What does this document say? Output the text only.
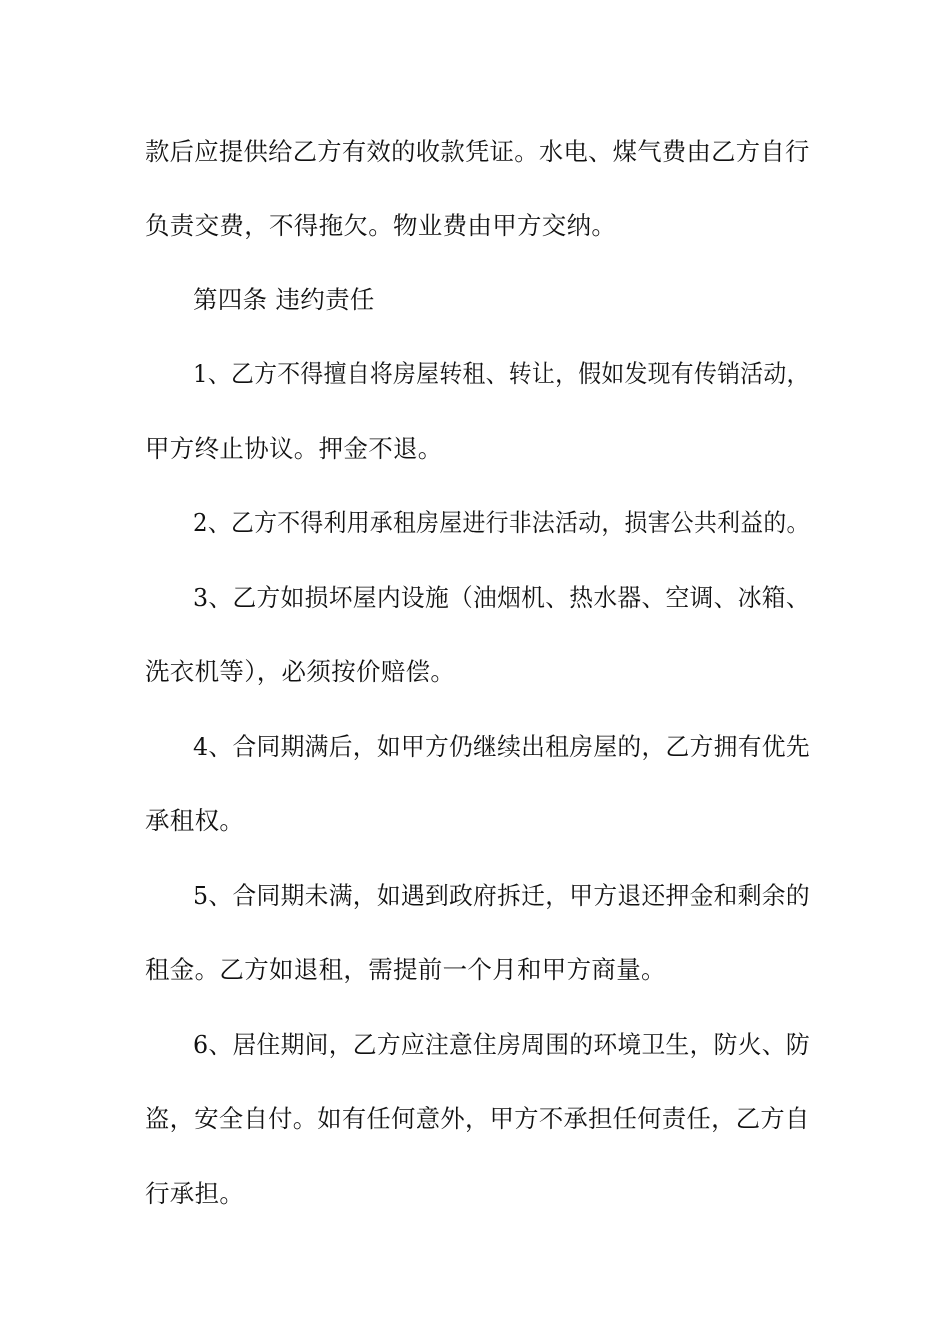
款后应提供给乙方有效的收款凭证。水电、煤气费由乙方自行
负责交费，不得拖欠。物业费由甲方交纳。
第四条 违约责任
1、乙方不得擅自将房屋转租、转让，假如发现有传销活动，
甲方终止协议。押金不退。
2、乙方不得利用承租房屋进行非法活动，损害公共利益的。
3、乙方如损坏屋内设施（油烟机、热水器、空调、冰箱、
洗衣机等），必须按价赔偿。
4、合同期满后，如甲方仍继续出租房屋的，乙方拥有优先
承租权。
5、合同期未满，如遇到政府拆迁，甲方退还押金和剩余的
租金。乙方如退租，需提前一个月和甲方商量。
6、居住期间，乙方应注意住房周围的环境卫生，防火、防
盗，安全自付。如有任何意外，甲方不承担任何责任，乙方自
行承担。
